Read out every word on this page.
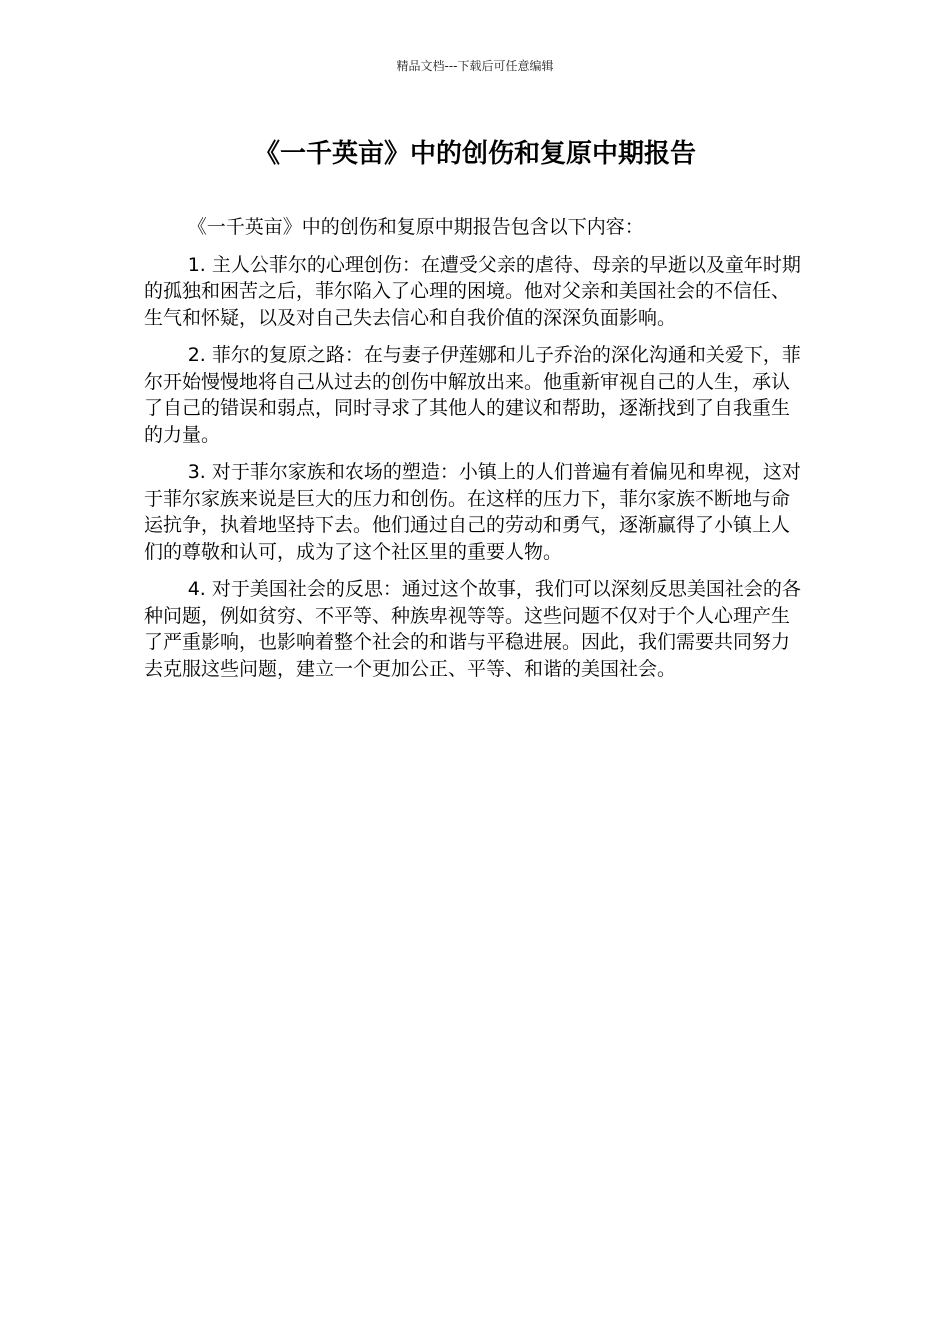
精品文档---下载后可任意编辑
《一千英亩》中的创伤和复原中期报告

《一千英亩》中的创伤和复原中期报告包含以下内容：

1. 主人公菲尔的心理创伤：在遭受父亲的虐待、母亲的早逝以及童年时期的孤独和困苦之后，菲尔陷入了心理的困境。他对父亲和美国社会的不信任、生气和怀疑，以及对自己失去信心和自我价值的深深负面影响。

2. 菲尔的复原之路：在与妻子伊莲娜和儿子乔治的深化沟通和关爱下，菲尔开始慢慢地将自己从过去的创伤中解放出来。他重新审视自己的人生，承认了自己的错误和弱点，同时寻求了其他人的建议和帮助，逐渐找到了自我重生的力量。

3. 对于菲尔家族和农场的塑造：小镇上的人们普遍有着偏见和卑视，这对于菲尔家族来说是巨大的压力和创伤。在这样的压力下，菲尔家族不断地与命运抗争，执着地坚持下去。他们通过自己的劳动和勇气，逐渐赢得了小镇上人们的尊敬和认可，成为了这个社区里的重要人物。

4. 对于美国社会的反思：通过这个故事，我们可以深刻反思美国社会的各种问题，例如贫穷、不平等、种族卑视等等。这些问题不仅对于个人心理产生了严重影响，也影响着整个社会的和谐与平稳进展。因此，我们需要共同努力去克服这些问题，建立一个更加公正、平等、和谐的美国社会。
